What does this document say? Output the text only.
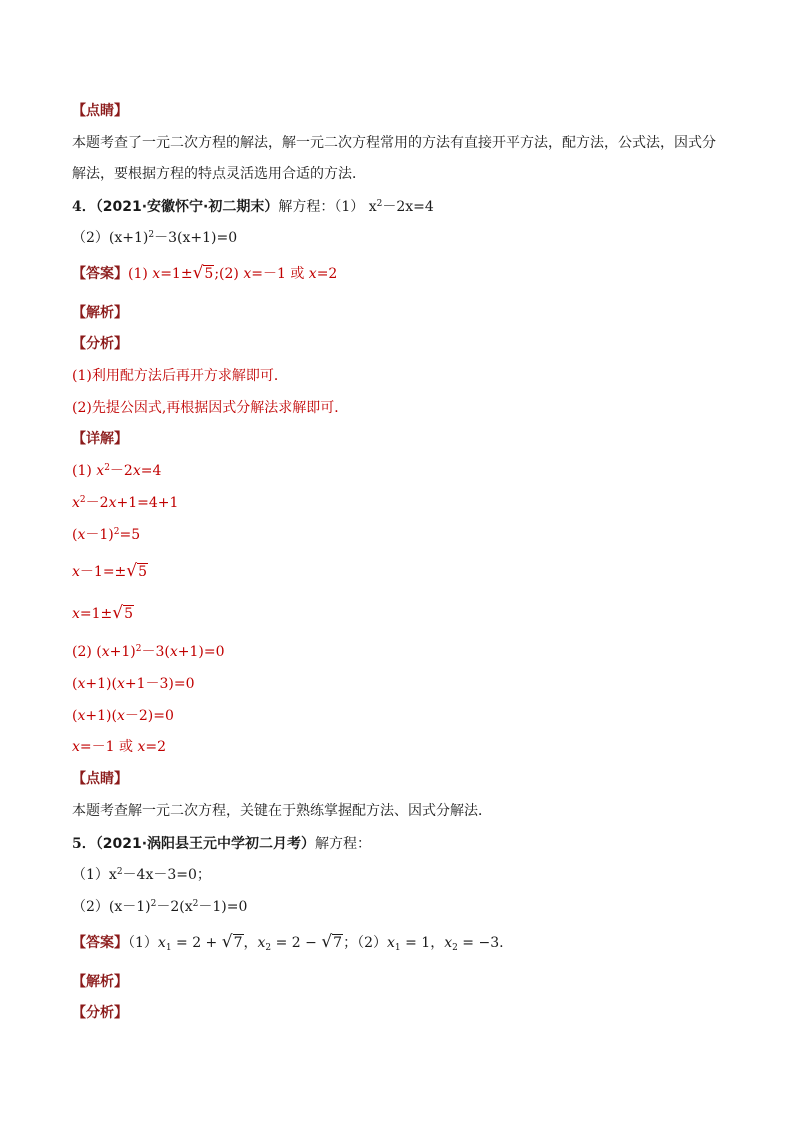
【点睛】
本题考查了一元二次方程的解法，解一元二次方程常用的方法有直接开平方法，配方法，公式法，因式分
解法，要根据方程的特点灵活选用合适的方法．
4．（2021·安徽怀宁·初二期末）解方程：（1） $x^2-2x=4$
$(2)(x+1)^2-3(x+1)=0$
【答案】(1) x=1±√5;(2) x=－1 或 x=2
【解析】
【分析】
(1)利用配方法后再开方求解即可．
(2)先提公因式,再根据因式分解法求解即可．
【详解】
(1) $x^2-2x=4$
$x^2-2x+1=4+1$
$(x-1)^2=5$
x－1=±√5
x=1±√5
(2) $(x+1)^2-3(x+1)=0$
(x+1)(x+1－3)=0
(x+1)(x－2)=0
x=－1 或 x=2
【点睛】
本题考查解一元二次方程，关键在于熟练掌握配方法、因式分解法．
5．（2021·涡阳县王元中学初二月考）解方程：
$(1)x^2-4x-3=0$；
$(2)(x-1)^2-2(x^2-1)=0$
【答案】$(1)x_1 = 2 + √7$，$x_2 = 2 - √7$；$(2)x_1 = 1$，$x_2 = -3$.
【解析】
【分析】
